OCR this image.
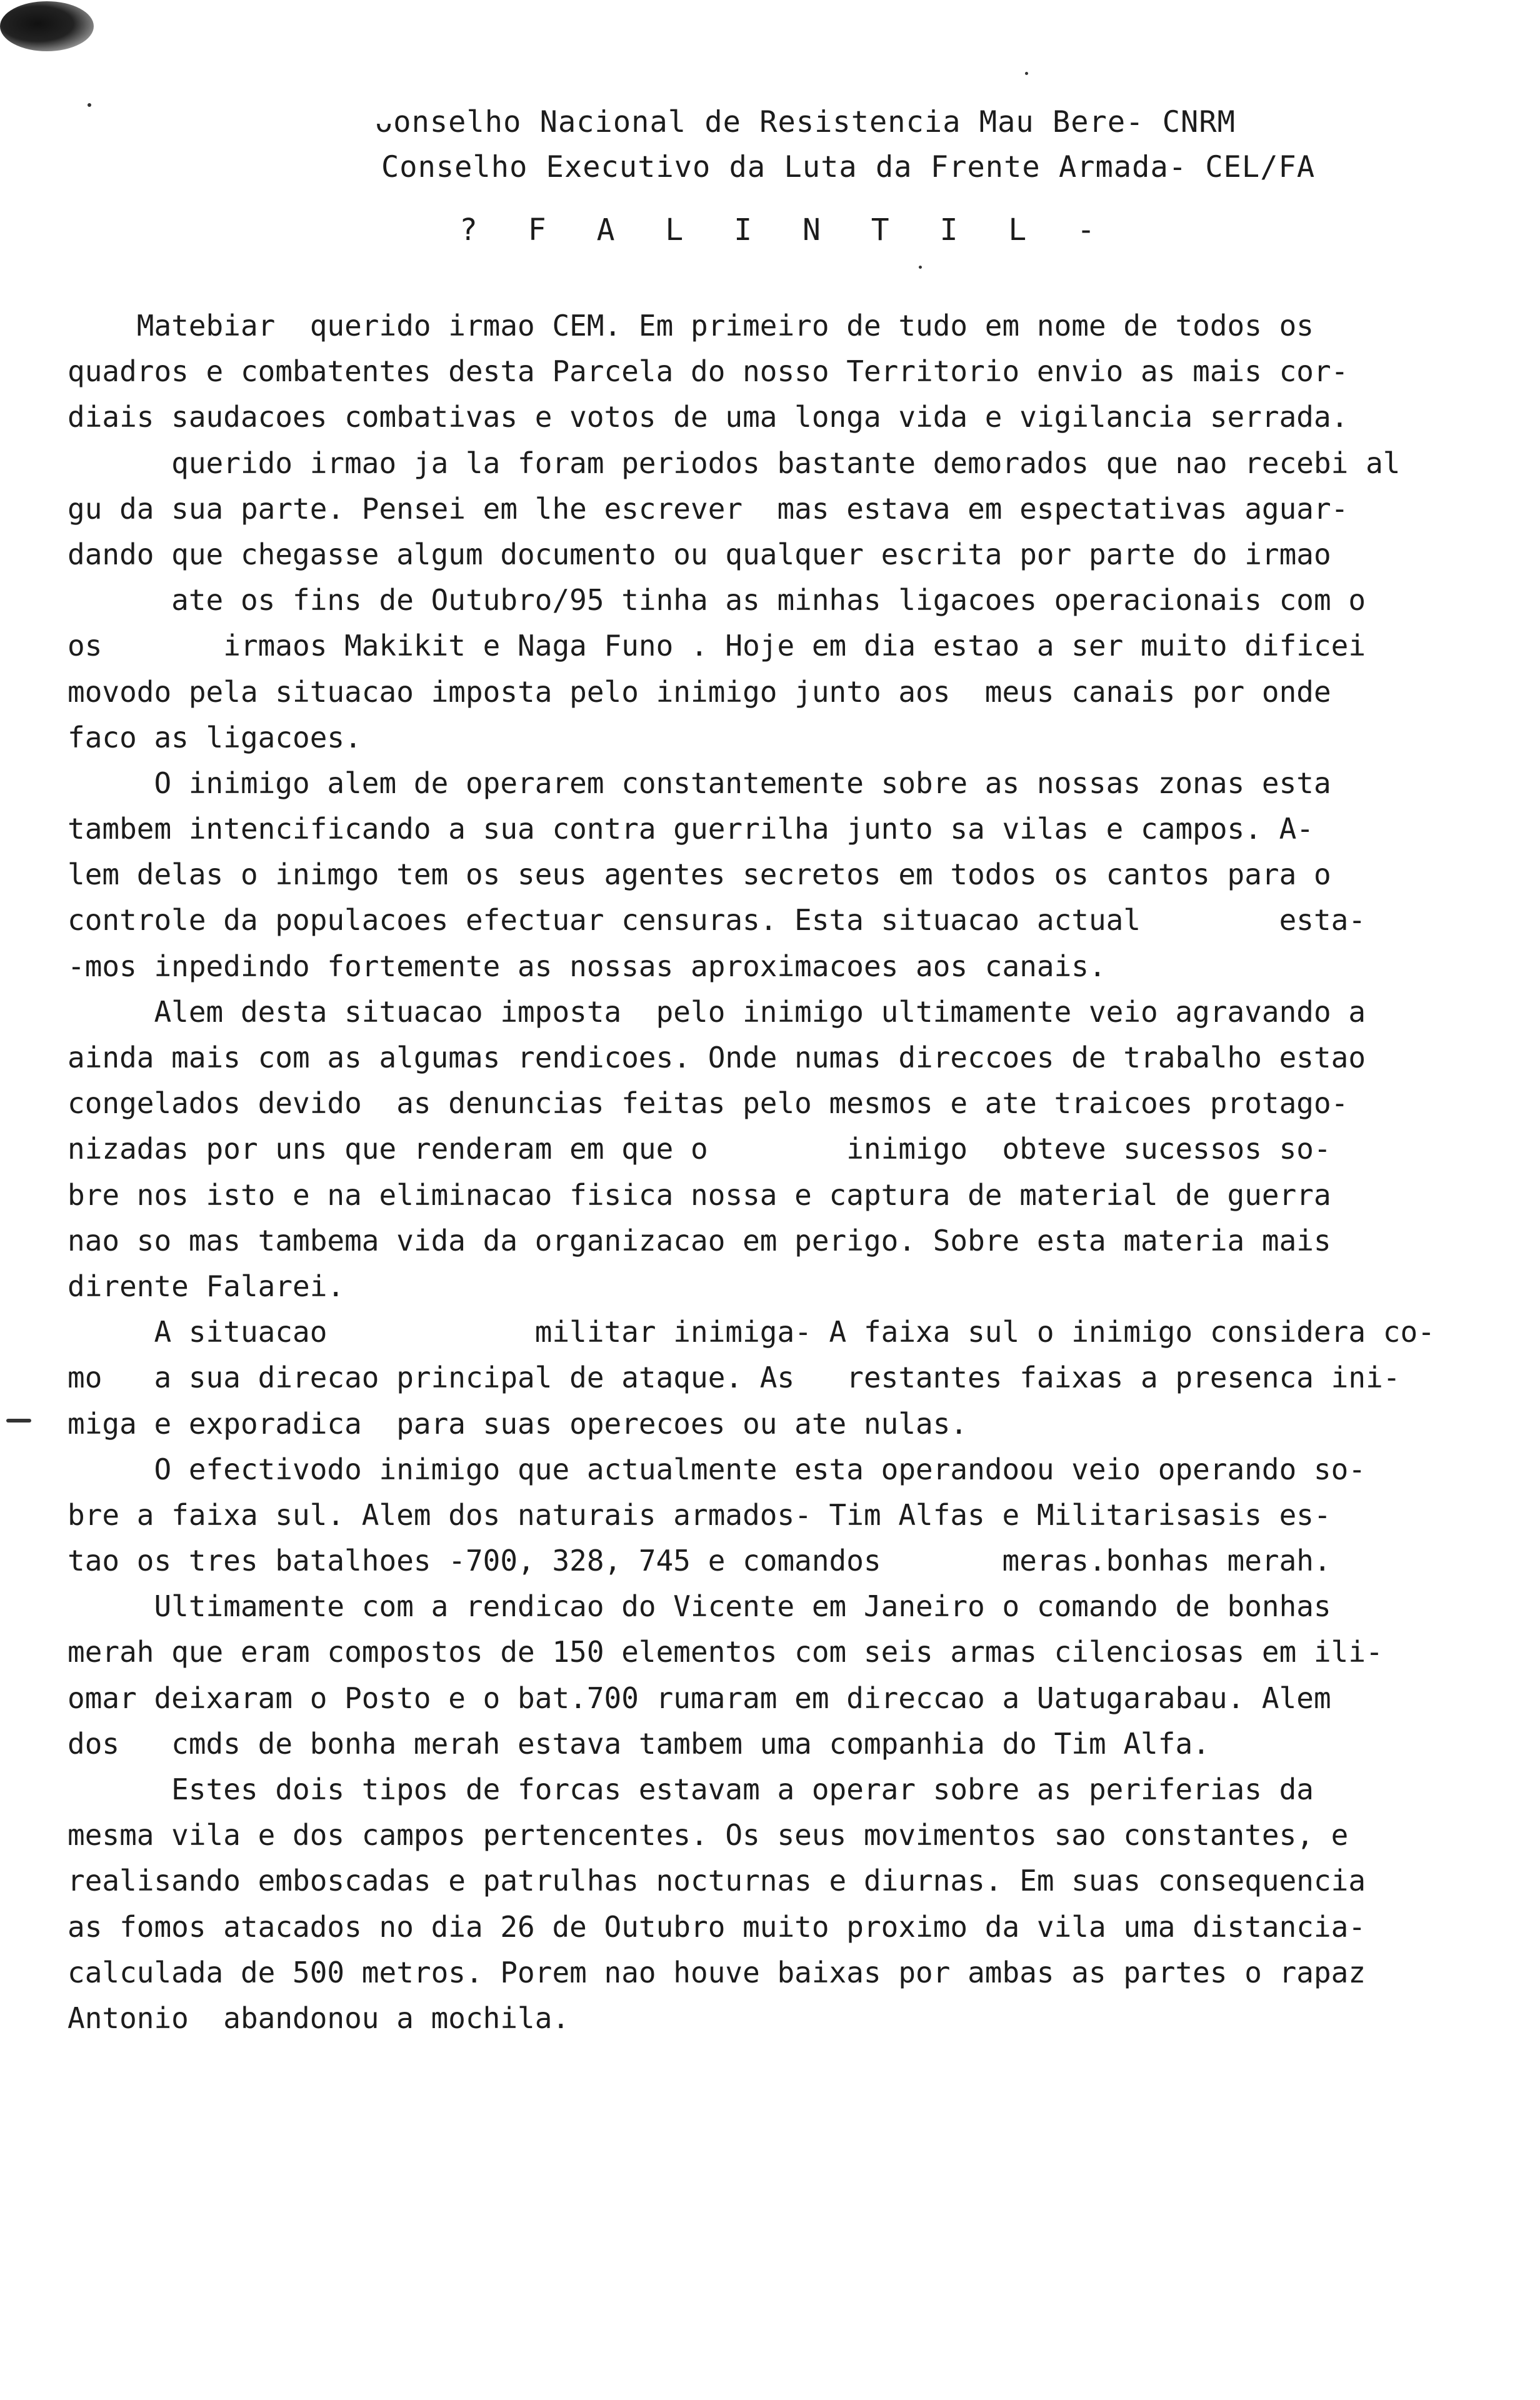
ᴗonselho Nacional de Resistencia Mau Bere- CNRM
Conselho Executivo da Luta da Frente Armada- CEL/FA
? F A L I N T I L -
Matebiar  querido irmao CEM. Em primeiro de tudo em nome de todos os
quadros e combatentes desta Parcela do nosso Territorio envio as mais cor-
diais saudacoes combativas e votos de uma longa vida e vigilancia serrada.
querido irmao ja la foram periodos bastante demorados que nao recebi al
gu da sua parte. Pensei em lhe escrever  mas estava em espectativas aguar-
dando que chegasse algum documento ou qualquer escrita por parte do irmao
ate os fins de Outubro/95 tinha as minhas ligacoes operacionais com o
os       irmaos Makikit e Naga Funo . Hoje em dia estao a ser muito dificei
movodo pela situacao imposta pelo inimigo junto aos  meus canais por onde
faco as ligacoes.
O inimigo alem de operarem constantemente sobre as nossas zonas esta
tambem intencificando a sua contra guerrilha junto sa vilas e campos. A-
lem delas o inimgo tem os seus agentes secretos em todos os cantos para o
controle da populacoes efectuar censuras. Esta situacao actual        esta-
-mos inpedindo fortemente as nossas aproximacoes aos canais.
Alem desta situacao imposta  pelo inimigo ultimamente veio agravando a
ainda mais com as algumas rendicoes. Onde numas direccoes de trabalho estao
congelados devido  as denuncias feitas pelo mesmos e ate traicoes protago-
nizadas por uns que renderam em que o        inimigo  obteve sucessos so-
bre nos isto e na eliminacao fisica nossa e captura de material de guerra
nao so mas tambema vida da organizacao em perigo. Sobre esta materia mais
dirente Falarei.
A situacao            militar inimiga- A faixa sul o inimigo considera co-
mo   a sua direcao principal de ataque. As   restantes faixas a presenca ini-
miga e exporadica  para suas operecoes ou ate nulas.
O efectivodo inimigo que actualmente esta operandoou veio operando so-
bre a faixa sul. Alem dos naturais armados- Tim Alfas e Militarisasis es-
tao os tres batalhoes -700, 328, 745 e comandos       meras.bonhas merah.
Ultimamente com a rendicao do Vicente em Janeiro o comando de bonhas
merah que eram compostos de 150 elementos com seis armas cilenciosas em ili-
omar deixaram o Posto e o bat.700 rumaram em direccao a Uatugarabau. Alem
dos   cmds de bonha merah estava tambem uma companhia do Tim Alfa.
Estes dois tipos de forcas estavam a operar sobre as periferias da
mesma vila e dos campos pertencentes. Os seus movimentos sao constantes, e
realisando emboscadas e patrulhas nocturnas e diurnas. Em suas consequencia
as fomos atacados no dia 26 de Outubro muito proximo da vila uma distancia-
calculada de 500 metros. Porem nao houve baixas por ambas as partes o rapaz
Antonio  abandonou a mochila.
